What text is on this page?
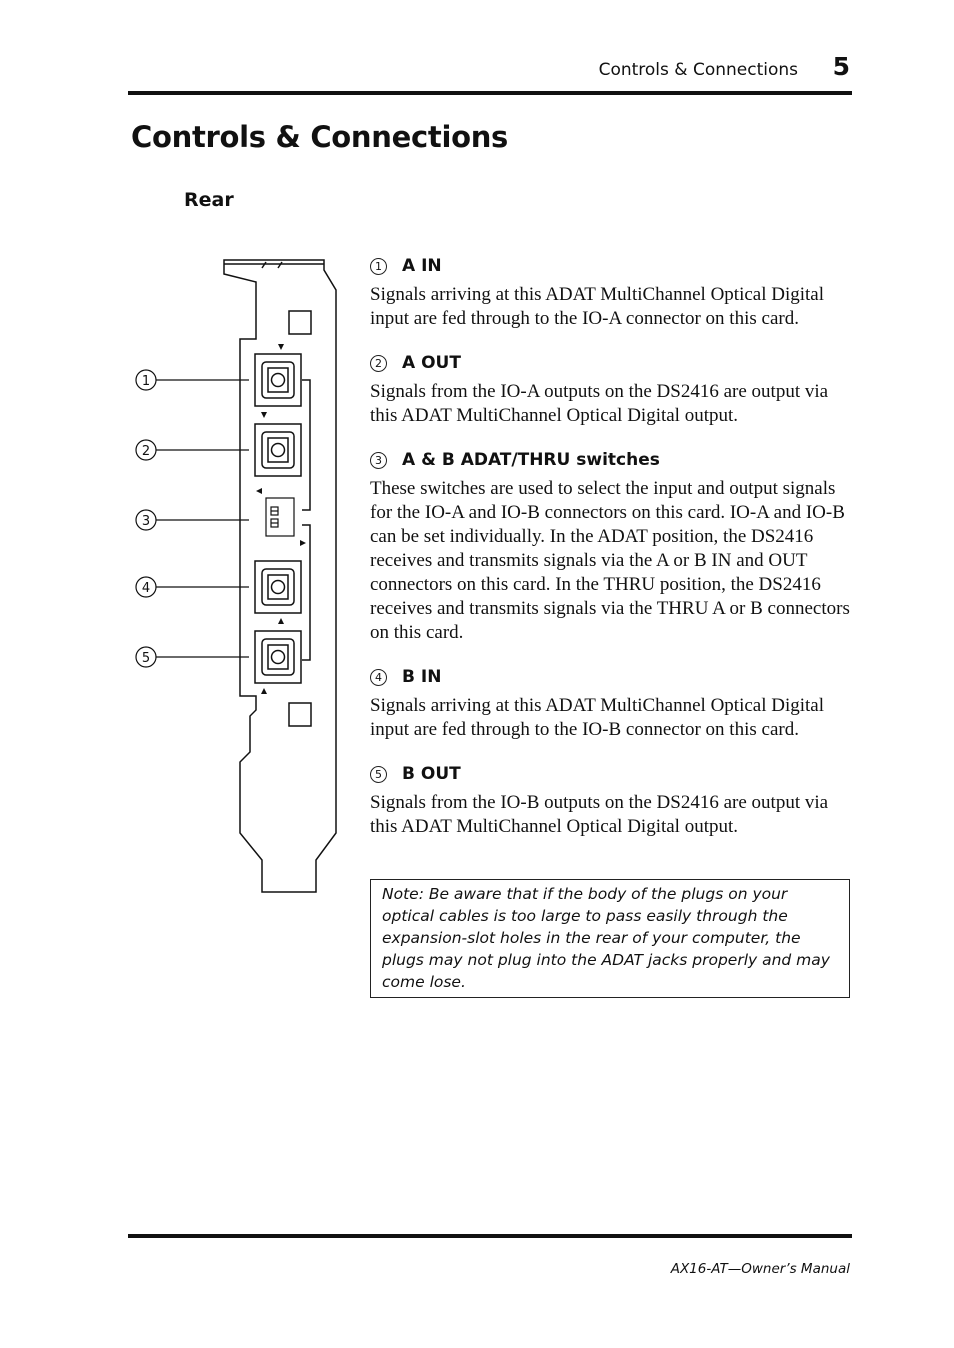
Controls & Connections 5
Controls & Connections
Rear
1
2
3
4
5
1 A IN

Signals arriving at this ADAT MultiChannel Optical Digital input are fed through to the IO-A connector on this card.

2 A OUT

Signals from the IO-A outputs on the DS2416 are output via this ADAT MultiChannel Optical Digital output.

3 A & B ADAT/THRU switches

These switches are used to select the input and output signals for the IO-A and IO-B connectors on this card. IO-A and IO-B can be set individually. In the ADAT position, the DS2416 receives and transmits signals via the A or B IN and OUT connectors on this card. In the THRU position, the DS2416 receives and transmits signals via the THRU A or B connectors on this card.

4 B IN

Signals arriving at this ADAT MultiChannel Optical Digital input are fed through to the IO-B connector on this card.

5 B OUT

Signals from the IO-B outputs on the DS2416 are output via this ADAT MultiChannel Optical Digital output.

Note: Be aware that if the body of the plugs on your optical cables is too large to pass easily through the expansion-slot holes in the rear of your computer, the plugs may not plug into the ADAT jacks properly and may come lose.
AX16-AT—Owner’s Manual
